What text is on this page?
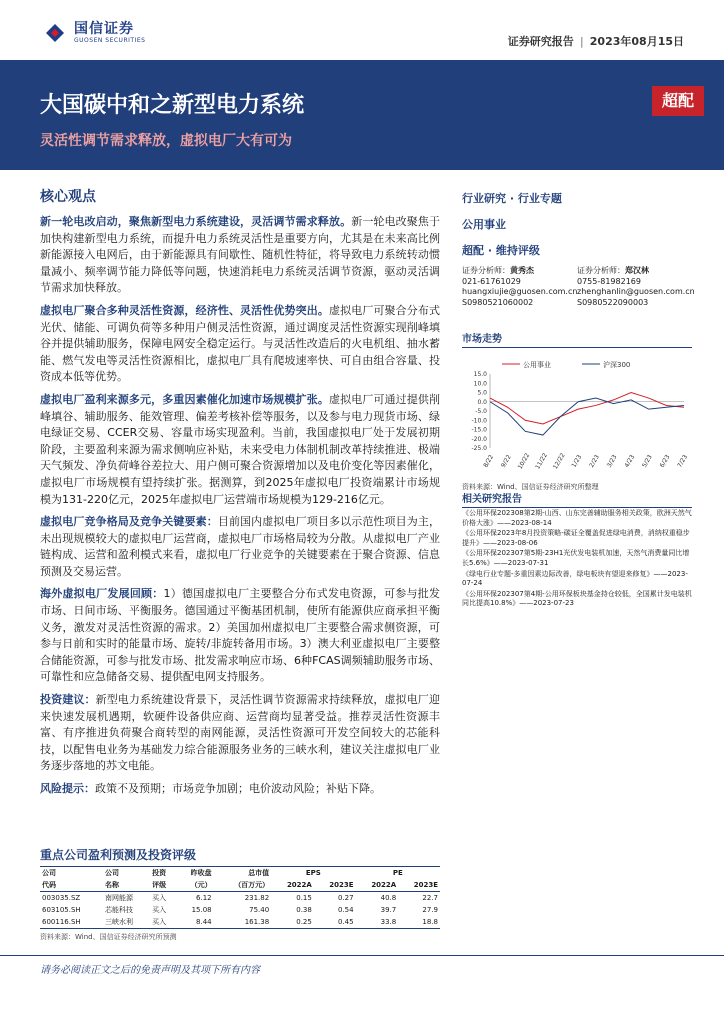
国信证券
GUOSEN SECURITIES	证券研究报告 | 2023年08月15日
大国碳中和之新型电力系统
灵活性调节需求释放，虚拟电厂大有可为
超配
核心观点

新一轮电改启动，聚焦新型电力系统建设，灵活调节需求释放。新一轮电改聚焦于加快构建新型电力系统，而提升电力系统灵活性是重要方向，尤其是在未来高比例新能源接入电网后，由于新能源具有间歇性、随机性特征，将导致电力系统转动惯量减小、频率调节能力降低等问题，快速消耗电力系统灵活调节资源，驱动灵活调节需求加快释放。

虚拟电厂聚合多种灵活性资源，经济性、灵活性优势突出。虚拟电厂可聚合分布式光伏、储能、可调负荷等多种用户侧灵活性资源，通过调度灵活性资源实现削峰填谷并提供辅助服务，保障电网安全稳定运行。与灵活性改造后的火电机组、抽水蓄能、燃气发电等灵活性资源相比，虚拟电厂具有爬坡速率快、可自由组合容量、投资成本低等优势。

虚拟电厂盈利来源多元，多重因素催化加速市场规模扩张。虚拟电厂可通过提供削峰填谷、辅助服务、能效管理、偏差考核补偿等服务，以及参与电力现货市场、绿电绿证交易、CCER交易、容量市场实现盈利。当前，我国虚拟电厂处于发展初期阶段，主要盈利来源为需求侧响应补贴，未来受电力体制机制改革持续推进、极端天气频发、净负荷峰谷差拉大、用户侧可聚合资源增加以及电价变化等因素催化，虚拟电厂市场规模有望持续扩张。据测算，到2025年虚拟电厂投资端累计市场规模为131-220亿元，2025年虚拟电厂运营端市场规模为129-216亿元。

虚拟电厂竞争格局及竞争关键要素：目前国内虚拟电厂项目多以示范性项目为主，未出现规模较大的虚拟电厂运营商，虚拟电厂市场格局较为分散。从虚拟电厂产业链构成、运营和盈利模式来看，虚拟电厂行业竞争的关键要素在于聚合资源、信息预测及交易运营。

海外虚拟电厂发展回顾：1）德国虚拟电厂主要整合分布式发电资源，可参与批发市场、日间市场、平衡服务。德国通过平衡基团机制，使所有能源供应商承担平衡义务，激发对灵活性资源的需求。2）美国加州虚拟电厂主要整合需求侧资源，可参与日前和实时的能量市场、旋转/非旋转备用市场。3）澳大利亚虚拟电厂主要整合储能资源，可参与批发市场、批发需求响应市场、6种FCAS调频辅助服务市场、可靠性和应急储备交易、提供配电网支持服务。

投资建议：新型电力系统建设背景下，灵活性调节资源需求持续释放，虚拟电厂迎来快速发展机遇期，软硬件设备供应商、运营商均显著受益。推荐灵活性资源丰富、有序推进负荷聚合商转型的南网能源，灵活性资源可开发空间较大的芯能科技，以配售电业务为基础发力综合能源服务业务的三峡水利，建议关注虚拟电厂业务逐步落地的苏文电能。

风险提示：政策不及预期；市场竞争加剧；电价波动风险；补贴下降。

重点公司盈利预测及投资评级
公司	公司	投资	昨收盘	总市值	EPS		PE	
代码	名称	评级	（元）	（百万元）	2022A	2023E	2022A	2023E
003035.SZ	南网能源	买入	6.12	231.82	0.15	0.27	40.8	22.7
603105.SH	芯能科技	买入	15.08	75.40	0.38	0.54	39.7	27.9
600116.SH	三峡水利	买入	8.44	161.38	0.25	0.45	33.8	18.8
资料来源：Wind、国信证券经济研究所预测
行业研究 · 行业专题
公用事业
超配 · 维持评级
证券分析师：黄秀杰
021-61761029
huangxiujie@guosen.com.cn
S0980521060002
证券分析师：郑汉林
0755-81982169
zhenghanlin@guosen.com.cn
S0980522090003
市场走势
公用事业	沪深300
15.0
10.0
5.0
0.0
-5.0
-10.0
-15.0
-20.0
-25.0
8/22 9/22 10/22 11/22 12/22 1/23 2/23 3/23 4/23 5/23 6/23 7/23
资料来源：Wind、国信证券经济研究所整理
相关研究报告
《公用环保202308第2期-山西、山东完善辅助服务相关政策，欧洲天然气价格大涨》——2023-08-14
《公用环保2023年8月投资策略-碳证全覆盖促进绿电消费，消纳权重稳步提升》——2023-08-06
《公用环保202307第5期-23H1光伏发电装机加速，天然气消费量同比增长5.6%》——2023-07-31
《绿电行业专题-多重因素边际改善，绿电板块有望迎来修复》——2023-07-24
《公用环保202307第4期-公用环保板块基金持仓较低，全国累计发电装机同比提高10.8%》——2023-07-23
请务必阅读正文之后的免责声明及其项下所有内容
